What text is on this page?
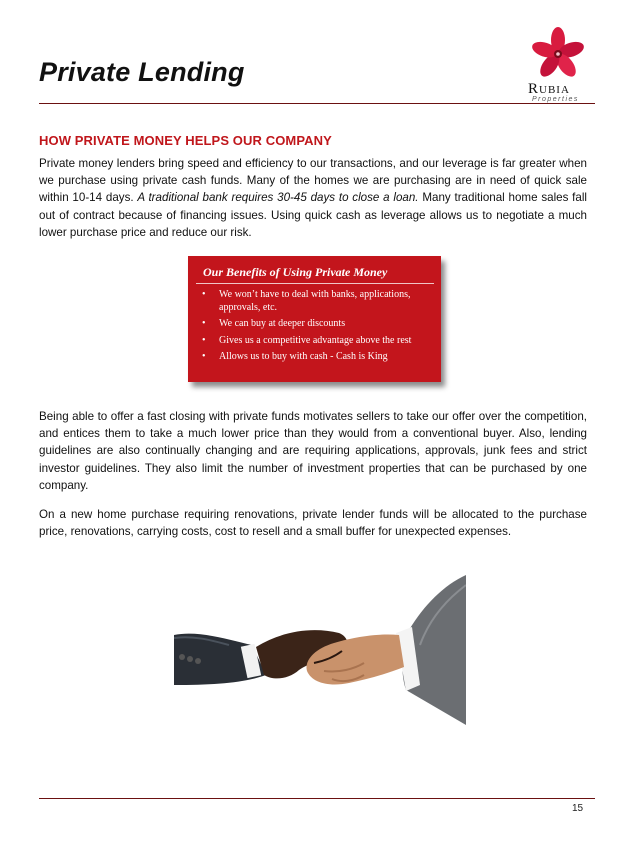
Private Lending
RUBIA
Properties
HOW PRIVATE MONEY HELPS OUR COMPANY
Private money lenders bring speed and efficiency to our transactions, and our leverage is far greater when we purchase using private cash funds. Many of the homes we are purchasing are in need of quick sale within 10-14 days. A traditional bank requires 30-45 days to close a loan. Many traditional home sales fall out of contract because of financing issues. Using quick cash as leverage allows us to negotiate a much lower purchase price and reduce our risk.
Our Benefits of Using Private Money
• We won’t have to deal with banks, applications, approvals, etc.
• We can buy at deeper discounts
• Gives us a competitive advantage above the rest
• Allows us to buy with cash - Cash is King
Being able to offer a fast closing with private funds motivates sellers to take our offer over the competition, and entices them to take a much lower price than they would from a conventional buyer. Also, lending guidelines are also continually changing and are requiring applications, approvals, junk fees and strict investor guidelines. They also limit the number of investment properties that can be purchased by one company.
On a new home purchase requiring renovations, private lender funds will be allocated to the purchase price, renovations, carrying costs, cost to resell and a small buffer for unexpected expenses.
15
